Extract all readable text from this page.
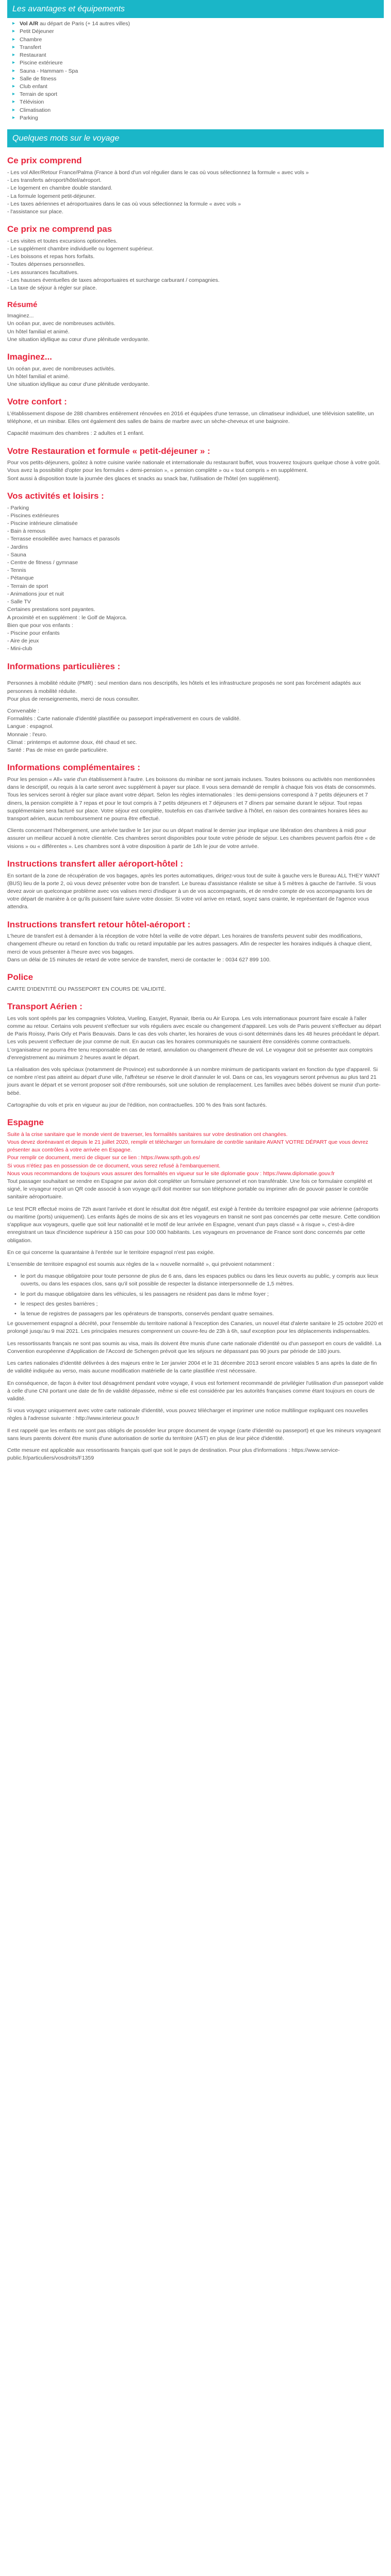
Les avantages et équipements
▸ Vol A/R au départ de Paris (+ 14 autres villes)
▸ Petit Déjeuner
▸ Chambre
▸ Transfert
▸ Restaurant
▸ Piscine extérieure
▸ Sauna - Hammam - Spa
▸ Salle de fitness
▸ Club enfant
▸ Terrain de sport
▸ Télévision
▸ Climatisation
▸ Parking
Quelques mots sur le voyage
Ce prix comprend
- Les vol Aller/Retour France/Palma (France à bord d'un vol régulier dans le cas où vous sélectionnez la formule « avec vols »
- Les transferts aéroport/hôtel/aéroport.
- Le logement en chambre double standard.
- La formule logement petit-déjeuner.
- Les taxes aériennes et aéroportuaires dans le cas où vous sélectionnez la formule « avec vols »
- l'assistance sur place.
Ce prix ne comprend pas
- Les visites et toutes excursions optionnelles.
- Le supplément chambre individuelle ou logement supérieur.
- Les boissons et repas hors forfaits.
- Toutes dépenses personnelles.
- Les assurances facultatives.
- Les hausses éventuelles de taxes aéroportuaires et surcharge carburant / compagnies.
- La taxe de séjour à régler sur place.
Résumé
Imaginez...
Un océan pur, avec de nombreuses activités.
Un hôtel familial et animé.
Une situation idyllique au cœur d'une plénitude verdoyante.
Imaginez...
Un océan pur, avec de nombreuses activités.
Un hôtel familial et animé.
Une situation idyllique au cœur d'une plénitude verdoyante.
Votre confort :

L'établissement dispose de 288 chambres entièrement rénovées en 2016 et équipées d'une terrasse, un climatiseur individuel, une télévision satellite, un téléphone, et un minibar. Elles ont également des salles de bains de marbre avec un sèche-cheveux et une baignoire.

Capacité maximum des chambres : 2 adultes et 1 enfant.

Votre Restauration et formule « petit-déjeuner » :

Pour vos petits-déjeuners, goûtez à notre cuisine variée nationale et internationale du restaurant buffet, vous trouverez toujours quelque chose à votre goût.

Vous avez la possibilité d'opter pour les formules « demi-pension », « pension complète » ou « tout compris » en supplément.

Sont aussi à disposition toute la journée des glaces et snacks au snack bar, l'utilisation de l'hôtel (en supplément).

Vos activités et loisirs :
- Parking
- Piscines extérieures
- Piscine intérieure climatisée
- Bain à remous
- Terrasse ensoleillée avec hamacs et parasols
- Jardins
- Sauna
- Centre de fitness / gymnase
- Tennis
- Pétanque
- Terrain de sport
- Animations jour et nuit
- Salle TV
Certaines prestations sont payantes.
A proximité et en supplément : le Golf de Majorca.
Bien que pour vos enfants :
- Piscine pour enfants
- Aire de jeux
- Mini-club
Informations particulières :

Personnes à mobilité réduite (PMR) : seul mention dans nos descriptifs, les hôtels et les infrastructure proposés ne sont pas forcément adaptés aux personnes à mobilité réduite.

Pour plus de renseignements, merci de nous consulter.

Convenable :
Formalités : Carte nationale d'identité plastifiée ou passeport impérativement en cours de validité.
Langue : espagnol.
Monnaie : l'euro.
Climat : printemps et automne doux, été chaud et sec.
Santé : Pas de mise en garde particulière.
Informations complémentaires :

Pour les pension « All» varie d'un établissement à l'autre. Les boissons du minibar ne sont jamais incluses. Toutes boissons ou activités non mentionnées dans le descriptif, ou requis à la carte seront avec supplément à payer sur place. Il vous sera demandé de remplir à chaque fois vos états de consommés. Tous les services seront à régler sur place avant votre départ. Selon les règles internationales : les demi-pensions correspond à 7 petits déjeuners et 7 diners, la pension complète à 7 repas et pour le tout compris à 7 petits déjeuners et 7 déjeuners et 7 dîners par semaine durant le séjour. Tout repas supplémentaire sera facturé sur place. Votre séjour est complète, toutefois en cas d'arrivée tardive à l'hôtel, en raison des contraintes horaires liées au transport aérien, aucun remboursement ne pourra être effectué.

Clients concernant l'hébergement, une arrivée tardive le 1er jour ou un départ matinal le dernier jour implique une libération des chambres à midi pour assurer un meilleur accueil à notre clientèle. Ces chambres seront disponibles pour toute votre période de séjour. Les chambres peuvent parfois être « de visions » ou « différentes ». Les chambres sont à votre disposition à partir de 14h le jour de votre arrivée.

Instructions transfert aller aéroport-hôtel :

En sortant de la zone de récupération de vos bagages, après les portes automatiques, dirigez-vous tout de suite à gauche vers le Bureau ALL THEY WANT (BUS) lieu de la porte 2, où vous devez présenter votre bon de transfert. Le bureau d'assistance réaliste se situe à 5 mètres à gauche de l'arrivée. Si vous devez avoir un quelconque problème avec vos valises merci d'indiquer à un de vos accompagnants, et de rendre compte de vos accompagnants lors de votre départ de manière à ce qu'ils puissent faire suivre votre dossier. Si votre vol arrive en retard, soyez sans crainte, le représentant de l'agence vous attendra.

Instructions transfert retour hôtel-aéroport :

L'heure de transfert est à demander à la réception de votre hôtel la veille de votre départ. Les horaires de transferts peuvent subir des modifications, changement d'heure ou retard en fonction du trafic ou retard imputable par les autres passagers. Afin de respecter les horaires indiqués à chaque client, merci de vous présenter à l'heure avec vos bagages.

Dans un délai de 15 minutes de retard de votre service de transfert, merci de contacter le : 0034 627 899 100.

Police

CARTE D'IDENTITÉ OU PASSEPORT EN COURS DE VALIDITÉ.

Transport Aérien :

Les vols sont opérés par les compagnies Volotea, Vueling, Easyjet, Ryanair, Iberia ou Air Europa. Les vols internationaux pourront faire escale à l'aller comme au retour. Certains vols peuvent s'effectuer sur vols réguliers avec escale ou changement d'appareil. Les vols de Paris peuvent s'effectuer au départ de Paris Roissy, Paris Orly et Paris Beauvais. Dans le cas des vols charter, les horaires de vous ci-sont déterminés dans les 48 heures précédant le départ. Les vols peuvent s'effectuer de jour comme de nuit. En aucun cas les horaires communiqués ne sauraient être considérés comme contractuels. L'organisateur ne pourra être tenu responsable en cas de retard, annulation ou changement d'heure de vol. Le voyageur doit se présenter aux comptoirs d'enregistrement au minimum 2 heures avant le départ.

La réalisation des vols spéciaux (notamment de Province) est subordonnée à un nombre minimum de participants variant en fonction du type d'appareil. Si ce nombre n'est pas atteint au départ d'une ville, l'affréteur se réserve le droit d'annuler le vol. Dans ce cas, les voyageurs seront prévenus au plus tard 21 jours avant le départ et se verront proposer soit d'être remboursés, soit une solution de remplacement. Les familles avec bébés doivent se munir d'un porte-bébé.

Cartographie du vols et prix en vigueur au jour de l'édition, non contractuelles. 100 % des frais sont facturés.

Espagne
Suite à la crise sanitaire que le monde vient de traverser, les formalités sanitaires sur votre destination ont changées.
Vous devez dorénavant et depuis le 21 juillet 2020, remplir et télécharger un formulaire de contrôle sanitaire AVANT VOTRE DÉPART que vous devrez présenter aux contrôles à votre arrivée en Espagne.
Pour remplir ce document, merci de cliquer sur ce lien : https://www.spth.gob.es/
Si vous n'étiez pas en possession de ce document, vous serez refusé à l'embarquement.
Nous vous recommandons de toujours vous assurer des formalités en vigueur sur le site diplomatie gouv : https://www.diplomatie.gouv.fr

Tout passager souhaitant se rendre en Espagne par avion doit compléter un formulaire personnel et non transférable. Une fois ce formulaire complété et signé, le voyageur reçoit un QR code associé à son voyage qu'il doit montrer sur son téléphone portable ou imprimer afin de pouvoir passer le contrôle sanitaire aéroportuaire.

Le test PCR effectué moins de 72h avant l'arrivée et dont le résultat doit être négatif, est exigé à l'entrée du territoire espagnol par voie aérienne (aéroports ou maritime (ports) uniquement). Les enfants âgés de moins de six ans et les voyageurs en transit ne sont pas concernés par cette mesure. Cette condition s'applique aux voyageurs, quelle que soit leur nationalité et le motif de leur arrivée en Espagne, venant d'un pays classé « à risque », c'est-à-dire enregistrant un taux d'incidence supérieur à 150 cas pour 100 000 habitants. Les voyageurs en provenance de France sont donc concernés par cette obligation.

En ce qui concerne la quarantaine à l'entrée sur le territoire espagnol n'est pas exigée.

L'ensemble de territoire espagnol est soumis aux règles de la « nouvelle normalité », qui prévoient notamment :

• le port du masque obligatoire pour toute personne de plus de 6 ans, dans les espaces publics ou dans les lieux ouverts au public, y compris aux lieux ouverts, ou dans les espaces clos, sans qu'il soit possible de respecter la distance interpersonnelle de 1,5 mètres.
• le port du masque obligatoire dans les véhicules, si les passagers ne résident pas dans le même foyer ;
• le respect des gestes barrières ;
• la tenue de registres de passagers par les opérateurs de transports, conservés pendant quatre semaines.

Le gouvernement espagnol a décrété, pour l'ensemble du territoire national à l'exception des Canaries, un nouvel état d'alerte sanitaire le 25 octobre 2020 et prolongé jusqu'au 9 mai 2021. Les principales mesures comprennent un couvre-feu de 23h à 6h, sauf exception pour les déplacements indispensables.

Les ressortissants français ne sont pas soumis au visa, mais ils doivent être munis d'une carte nationale d'identité ou d'un passeport en cours de validité. La Convention européenne d'Application de l'Accord de Schengen prévoit que les séjours ne dépassant pas 90 jours par période de 180 jours.

Les cartes nationales d'identité délivrées à des majeurs entre le 1er janvier 2004 et le 31 décembre 2013 seront encore valables 5 ans après la date de fin de validité indiquée au verso, mais aucune modification matérielle de la carte plastifiée n'est nécessaire.

En conséquence, de façon à éviter tout désagrément pendant votre voyage, il vous est fortement recommandé de privilégier l'utilisation d'un passeport valide à celle d'une CNI portant une date de fin de validité dépassée, même si elle est considérée par les autorités françaises comme étant toujours en cours de validité.

Si vous voyagez uniquement avec votre carte nationale d'identité, vous pouvez télécharger et imprimer une notice multilingue expliquant ces nouvelles règles à l'adresse suivante : http://www.interieur.gouv.fr

Il est rappelé que les enfants ne sont pas obligés de posséder leur propre document de voyage (carte d'identité ou passeport) et que les mineurs voyageant sans leurs parents doivent être munis d'une autorisation de sortie du territoire (AST) en plus de leur pièce d'identité.

Cette mesure est applicable aux ressortissants français quel que soit le pays de destination. Pour plus d'informations : https://www.service-public.fr/particuliers/vosdroits/F1359
